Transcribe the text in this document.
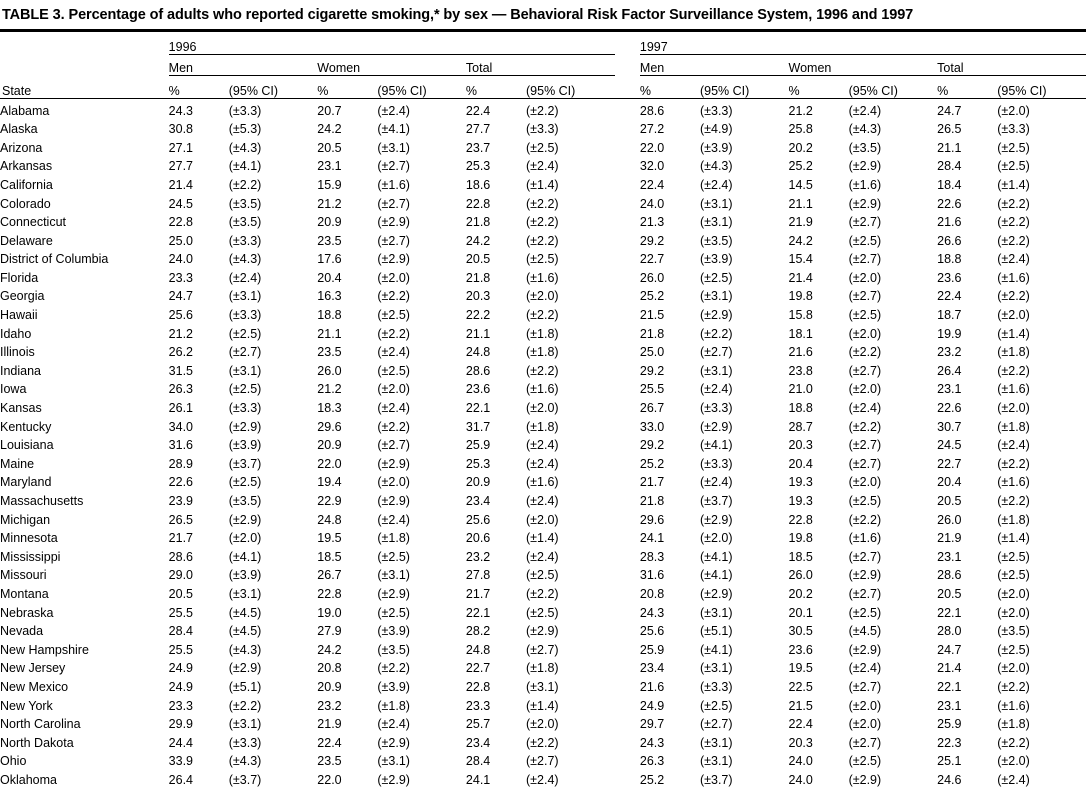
TABLE 3. Percentage of adults who reported cigarette smoking,* by sex — Behavioral Risk Factor Surveillance System, 1996 and 1997
	1996							1997					
	Men		Women		Total			Men		Women		Total	
State	%	(95% CI)	%	(95% CI)	%	(95% CI)		%	(95% CI)	%	(95% CI)	%	(95% CI)

Alabama	24.3	(±3.3)	20.7	(±2.4)	22.4	(±2.2)		28.6	(±3.3)	21.2	(±2.4)	24.7	(±2.0)
Alaska	30.8	(±5.3)	24.2	(±4.1)	27.7	(±3.3)		27.2	(±4.9)	25.8	(±4.3)	26.5	(±3.3)
Arizona	27.1	(±4.3)	20.5	(±3.1)	23.7	(±2.5)		22.0	(±3.9)	20.2	(±3.5)	21.1	(±2.5)
Arkansas	27.7	(±4.1)	23.1	(±2.7)	25.3	(±2.4)		32.0	(±4.3)	25.2	(±2.9)	28.4	(±2.5)
California	21.4	(±2.2)	15.9	(±1.6)	18.6	(±1.4)		22.4	(±2.4)	14.5	(±1.6)	18.4	(±1.4)
Colorado	24.5	(±3.5)	21.2	(±2.7)	22.8	(±2.2)		24.0	(±3.1)	21.1	(±2.9)	22.6	(±2.2)
Connecticut	22.8	(±3.5)	20.9	(±2.9)	21.8	(±2.2)		21.3	(±3.1)	21.9	(±2.7)	21.6	(±2.2)
Delaware	25.0	(±3.3)	23.5	(±2.7)	24.2	(±2.2)		29.2	(±3.5)	24.2	(±2.5)	26.6	(±2.2)
District of Columbia	24.0	(±4.3)	17.6	(±2.9)	20.5	(±2.5)		22.7	(±3.9)	15.4	(±2.7)	18.8	(±2.4)
Florida	23.3	(±2.4)	20.4	(±2.0)	21.8	(±1.6)		26.0	(±2.5)	21.4	(±2.0)	23.6	(±1.6)
Georgia	24.7	(±3.1)	16.3	(±2.2)	20.3	(±2.0)		25.2	(±3.1)	19.8	(±2.7)	22.4	(±2.2)
Hawaii	25.6	(±3.3)	18.8	(±2.5)	22.2	(±2.2)		21.5	(±2.9)	15.8	(±2.5)	18.7	(±2.0)
Idaho	21.2	(±2.5)	21.1	(±2.2)	21.1	(±1.8)		21.8	(±2.2)	18.1	(±2.0)	19.9	(±1.4)
Illinois	26.2	(±2.7)	23.5	(±2.4)	24.8	(±1.8)		25.0	(±2.7)	21.6	(±2.2)	23.2	(±1.8)
Indiana	31.5	(±3.1)	26.0	(±2.5)	28.6	(±2.2)		29.2	(±3.1)	23.8	(±2.7)	26.4	(±2.2)
Iowa	26.3	(±2.5)	21.2	(±2.0)	23.6	(±1.6)		25.5	(±2.4)	21.0	(±2.0)	23.1	(±1.6)
Kansas	26.1	(±3.3)	18.3	(±2.4)	22.1	(±2.0)		26.7	(±3.3)	18.8	(±2.4)	22.6	(±2.0)
Kentucky	34.0	(±2.9)	29.6	(±2.2)	31.7	(±1.8)		33.0	(±2.9)	28.7	(±2.2)	30.7	(±1.8)
Louisiana	31.6	(±3.9)	20.9	(±2.7)	25.9	(±2.4)		29.2	(±4.1)	20.3	(±2.7)	24.5	(±2.4)
Maine	28.9	(±3.7)	22.0	(±2.9)	25.3	(±2.4)		25.2	(±3.3)	20.4	(±2.7)	22.7	(±2.2)
Maryland	22.6	(±2.5)	19.4	(±2.0)	20.9	(±1.6)		21.7	(±2.4)	19.3	(±2.0)	20.4	(±1.6)
Massachusetts	23.9	(±3.5)	22.9	(±2.9)	23.4	(±2.4)		21.8	(±3.7)	19.3	(±2.5)	20.5	(±2.2)
Michigan	26.5	(±2.9)	24.8	(±2.4)	25.6	(±2.0)		29.6	(±2.9)	22.8	(±2.2)	26.0	(±1.8)
Minnesota	21.7	(±2.0)	19.5	(±1.8)	20.6	(±1.4)		24.1	(±2.0)	19.8	(±1.6)	21.9	(±1.4)
Mississippi	28.6	(±4.1)	18.5	(±2.5)	23.2	(±2.4)		28.3	(±4.1)	18.5	(±2.7)	23.1	(±2.5)
Missouri	29.0	(±3.9)	26.7	(±3.1)	27.8	(±2.5)		31.6	(±4.1)	26.0	(±2.9)	28.6	(±2.5)
Montana	20.5	(±3.1)	22.8	(±2.9)	21.7	(±2.2)		20.8	(±2.9)	20.2	(±2.7)	20.5	(±2.0)
Nebraska	25.5	(±4.5)	19.0	(±2.5)	22.1	(±2.5)		24.3	(±3.1)	20.1	(±2.5)	22.1	(±2.0)
Nevada	28.4	(±4.5)	27.9	(±3.9)	28.2	(±2.9)		25.6	(±5.1)	30.5	(±4.5)	28.0	(±3.5)
New Hampshire	25.5	(±4.3)	24.2	(±3.5)	24.8	(±2.7)		25.9	(±4.1)	23.6	(±2.9)	24.7	(±2.5)
New Jersey	24.9	(±2.9)	20.8	(±2.2)	22.7	(±1.8)		23.4	(±3.1)	19.5	(±2.4)	21.4	(±2.0)
New Mexico	24.9	(±5.1)	20.9	(±3.9)	22.8	(±3.1)		21.6	(±3.3)	22.5	(±2.7)	22.1	(±2.2)
New York	23.3	(±2.2)	23.2	(±1.8)	23.3	(±1.4)		24.9	(±2.5)	21.5	(±2.0)	23.1	(±1.6)
North Carolina	29.9	(±3.1)	21.9	(±2.4)	25.7	(±2.0)		29.7	(±2.7)	22.4	(±2.0)	25.9	(±1.8)
North Dakota	24.4	(±3.3)	22.4	(±2.9)	23.4	(±2.2)		24.3	(±3.1)	20.3	(±2.7)	22.3	(±2.2)
Ohio	33.9	(±4.3)	23.5	(±3.1)	28.4	(±2.7)		26.3	(±3.1)	24.0	(±2.5)	25.1	(±2.0)
Oklahoma	26.4	(±3.7)	22.0	(±2.9)	24.1	(±2.4)		25.2	(±3.7)	24.0	(±2.9)	24.6	(±2.4)
